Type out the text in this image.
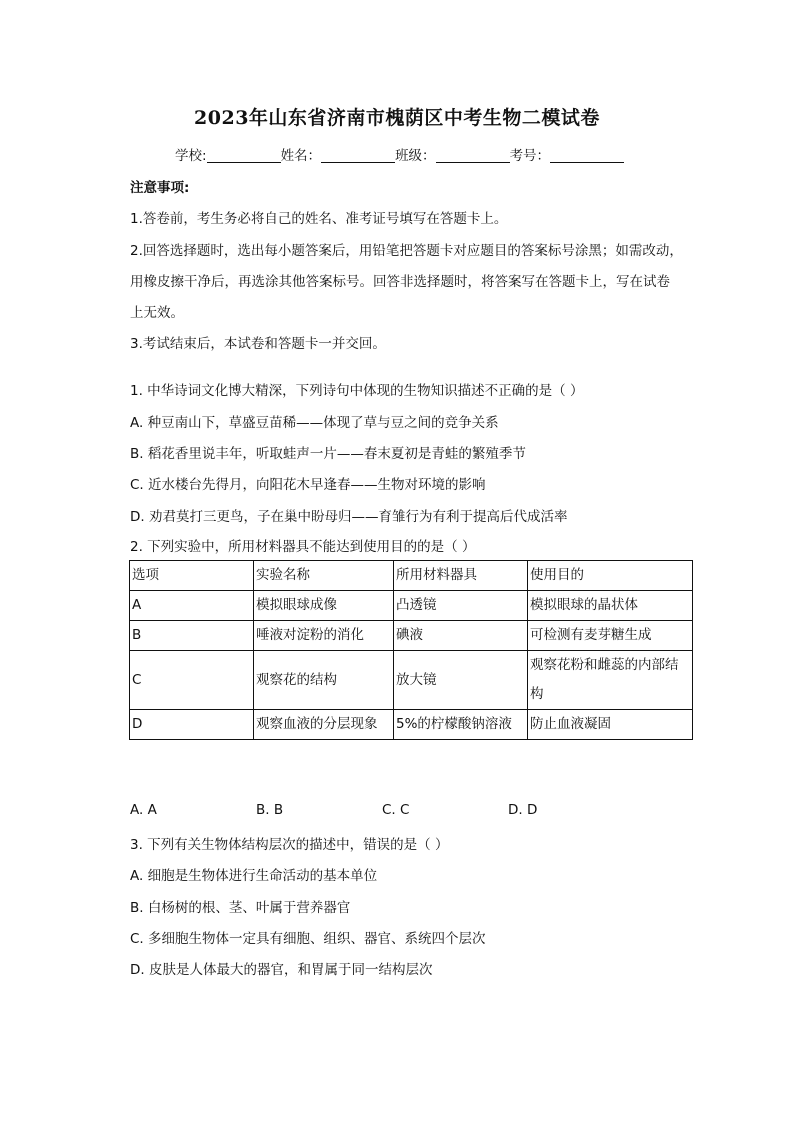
2023年山东省济南市槐荫区中考生物二模试卷
学校:	姓名：	班级：	考号：
注意事项:
1.答卷前，考生务必将自己的姓名、准考证号填写在答题卡上。
2.回答选择题时，选出每小题答案后，用铅笔把答题卡对应题目的答案标号涂黑；如需改动，
用橡皮擦干净后，再选涂其他答案标号。回答非选择题时，将答案写在答题卡上，写在试卷
上无效。
3.考试结束后，本试卷和答题卡一并交回。
1. 中华诗词文化博大精深，下列诗句中体现的生物知识描述不正确的是（ ）
A. 种豆南山下，草盛豆苗稀——体现了草与豆之间的竞争关系
B. 稻花香里说丰年，听取蛙声一片——春末夏初是青蛙的繁殖季节
C. 近水楼台先得月，向阳花木早逢春——生物对环境的影响
D. 劝君莫打三更鸟，子在巢中盼母归——育雏行为有利于提高后代成活率
2. 下列实验中，所用材料器具不能达到使用目的的是（ ）
选项	实验名称	所用材料器具	使用目的
A	模拟眼球成像	凸透镜	模拟眼球的晶状体
B	唾液对淀粉的消化	碘液	可检测有麦芽糖生成
C	观察花的结构	放大镜	观察花粉和雌蕊的内部结
构
D	观察血液的分层现象	5%的柠檬酸钠溶液	防止血液凝固
A. A	B. B	C. C	D. D
3. 下列有关生物体结构层次的描述中，错误的是（ ）
A. 细胞是生物体进行生命活动的基本单位
B. 白杨树的根、茎、叶属于营养器官
C. 多细胞生物体一定具有细胞、组织、器官、系统四个层次
D. 皮肤是人体最大的器官，和胃属于同一结构层次
